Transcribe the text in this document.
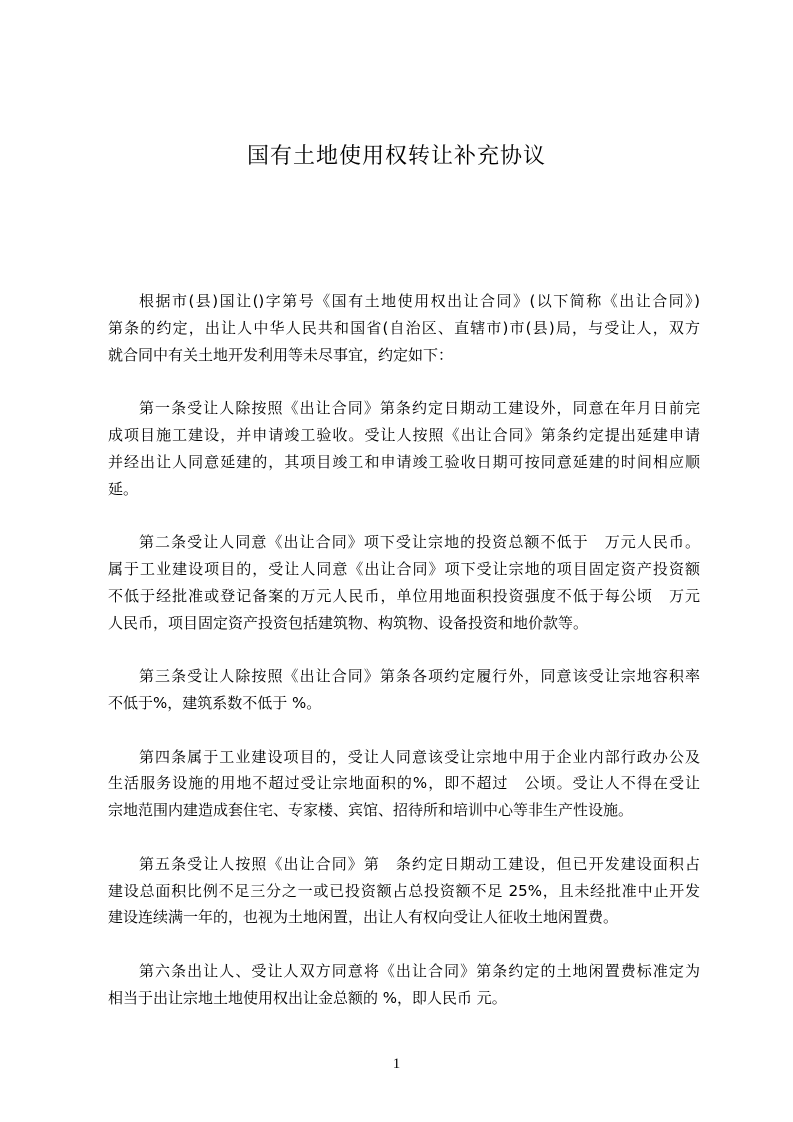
国有土地使用权转让补充协议
根据市(县)国让()字第号《国有土地使用权出让合同》(以下简称《出让合同》)
第条的约定，出让人中华人民共和国省(自治区、直辖市)市(县)局，与受让人，双方
就合同中有关土地开发利用等未尽事宜，约定如下：
第一条受让人除按照《出让合同》第条约定日期动工建设外，同意在年月日前完
成项目施工建设，并申请竣工验收。受让人按照《出让合同》第条约定提出延建申请
并经出让人同意延建的，其项目竣工和申请竣工验收日期可按同意延建的时间相应顺
延。
第二条受让人同意《出让合同》项下受让宗地的投资总额不低于　万元人民币。
属于工业建设项目的，受让人同意《出让合同》项下受让宗地的项目固定资产投资额
不低于经批准或登记备案的万元人民币，单位用地面积投资强度不低于每公顷　万元
人民币，项目固定资产投资包括建筑物、构筑物、设备投资和地价款等。
第三条受让人除按照《出让合同》第条各项约定履行外，同意该受让宗地容积率
不低于%，建筑系数不低于 %。
第四条属于工业建设项目的，受让人同意该受让宗地中用于企业内部行政办公及
生活服务设施的用地不超过受让宗地面积的%，即不超过　公顷。受让人不得在受让
宗地范围内建造成套住宅、专家楼、宾馆、招待所和培训中心等非生产性设施。
第五条受让人按照《出让合同》第　条约定日期动工建设，但已开发建设面积占
建设总面积比例不足三分之一或已投资额占总投资额不足 25%，且未经批准中止开发
建设连续满一年的，也视为土地闲置，出让人有权向受让人征收土地闲置费。
第六条出让人、受让人双方同意将《出让合同》第条约定的土地闲置费标准定为
相当于出让宗地土地使用权出让金总额的 %，即人民币 元。
1
